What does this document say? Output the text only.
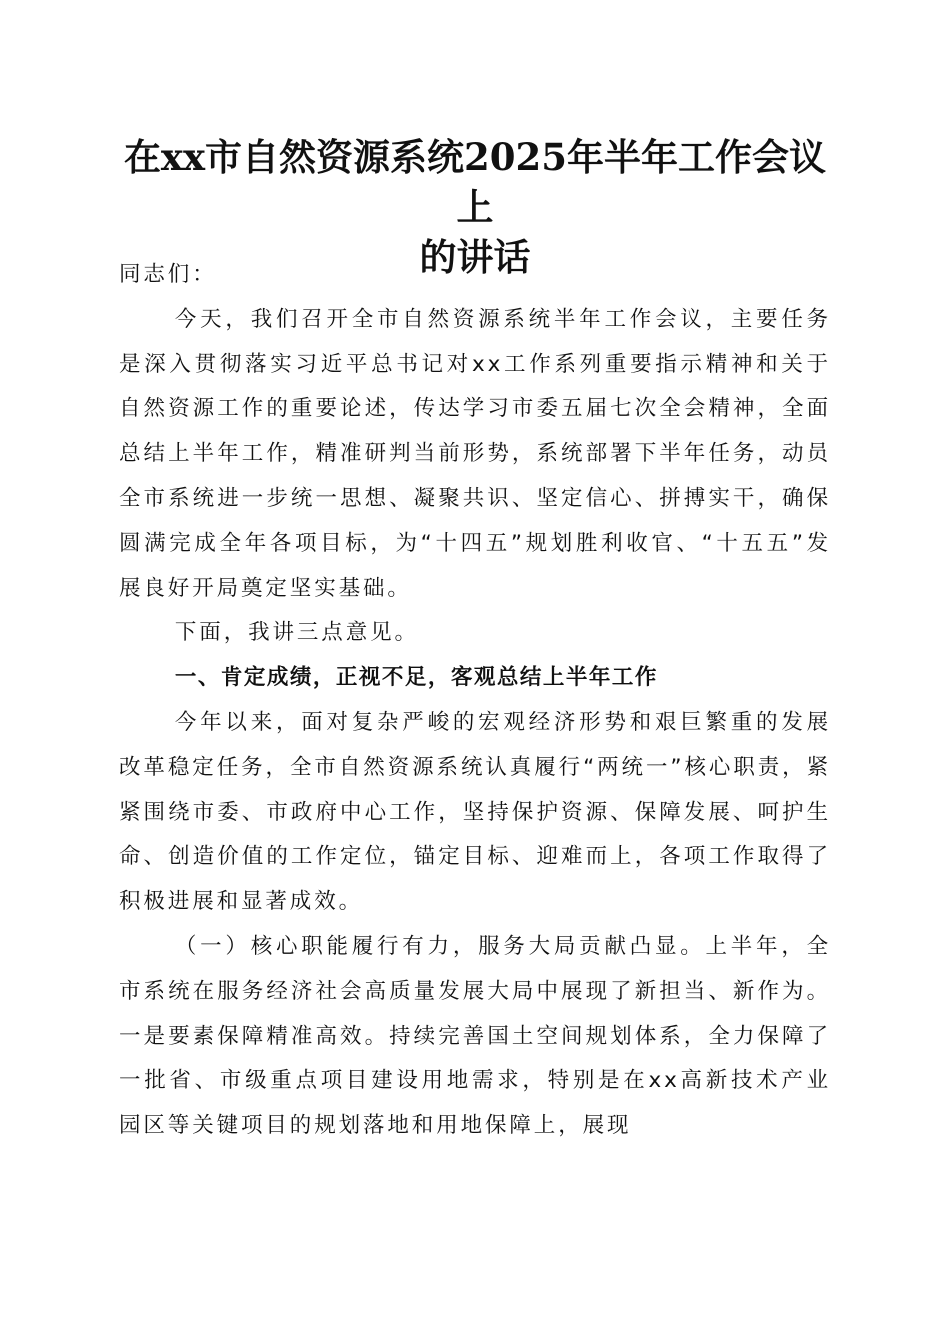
在xx市自然资源系统2025年半年工作会议上
的讲话

同志们：

今天，我们召开全市自然资源系统半年工作会议，主要任务是深入贯彻落实习近平总书记对xx工作系列重要指示精神和关于自然资源工作的重要论述，传达学习市委五届七次全会精神，全面总结上半年工作，精准研判当前形势，系统部署下半年任务，动员全市系统进一步统一思想、凝聚共识、坚定信心、拼搏实干，确保圆满完成全年各项目标，为“十四五”规划胜利收官、“十五五”发展良好开局奠定坚实基础。

下面，我讲三点意见。

一、肯定成绩，正视不足，客观总结上半年工作

今年以来，面对复杂严峻的宏观经济形势和艰巨繁重的发展改革稳定任务，全市自然资源系统认真履行“两统一”核心职责，紧紧围绕市委、市政府中心工作，坚持保护资源、保障发展、呵护生命、创造价值的工作定位，锚定目标、迎难而上，各项工作取得了积极进展和显著成效。

（一）核心职能履行有力，服务大局贡献凸显。上半年，全市系统在服务经济社会高质量发展大局中展现了新担当、新作为。一是要素保障精准高效。持续完善国土空间规划体系，全力保障了一批省、市级重点项目建设用地需求，特别是在xx高新技术产业园区等关键项目的规划落地和用地保障上，展现
